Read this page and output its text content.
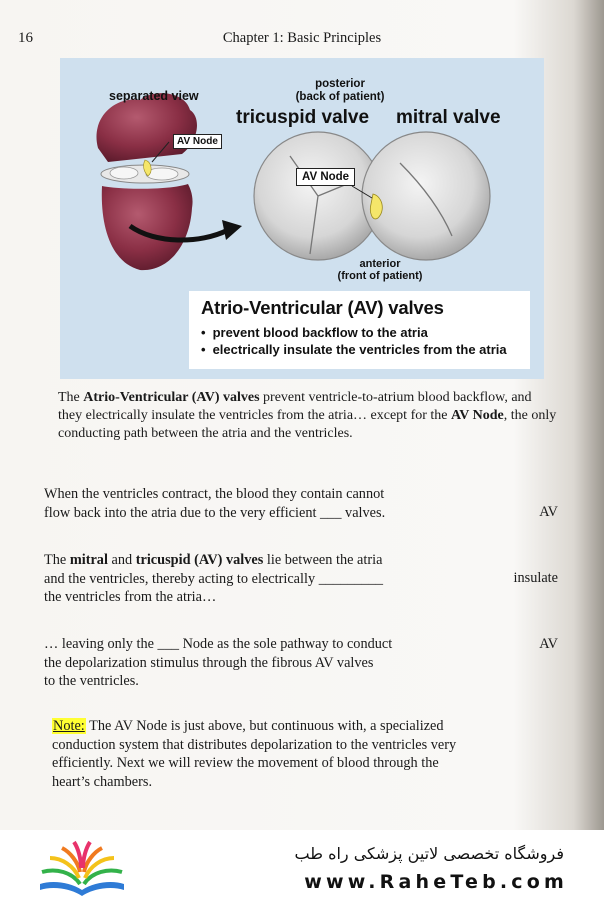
16	Chapter 1: Basic Principles
separated view
AV Node
posterior
(back of patient)
tricuspid valve mitral valve
AV Node
anterior
(front of patient)
Atrio-Ventricular (AV) valves
• prevent blood backflow to the atria
• electrically insulate the ventricles from the atria
The Atrio-Ventricular (AV) valves prevent ventricle-to-atrium blood backflow, and they electrically insulate the ventricles from the atria… except for the AV Node, the only conducting path between the atria and the ventricles.
When the ventricles contract, the blood they contain cannot
flow back into the atria due to the very efficient ___ valves.	AV
The mitral and tricuspid (AV) valves lie between the atria
and the ventricles, thereby acting to electrically _________
the ventricles from the atria…
insulate
… leaving only the ___ Node as the sole pathway to conduct
the depolarization stimulus through the fibrous AV valves
to the ventricles.
AV
Note: The AV Node is just above, but continuous with, a specialized
conduction system that distributes depolarization to the ventricles very
efficiently. Next we will review the movement of blood through the
heart’s chambers.
فروشگاه تخصصی لاتین پزشکی راه طب
www.RaheTeb.com
